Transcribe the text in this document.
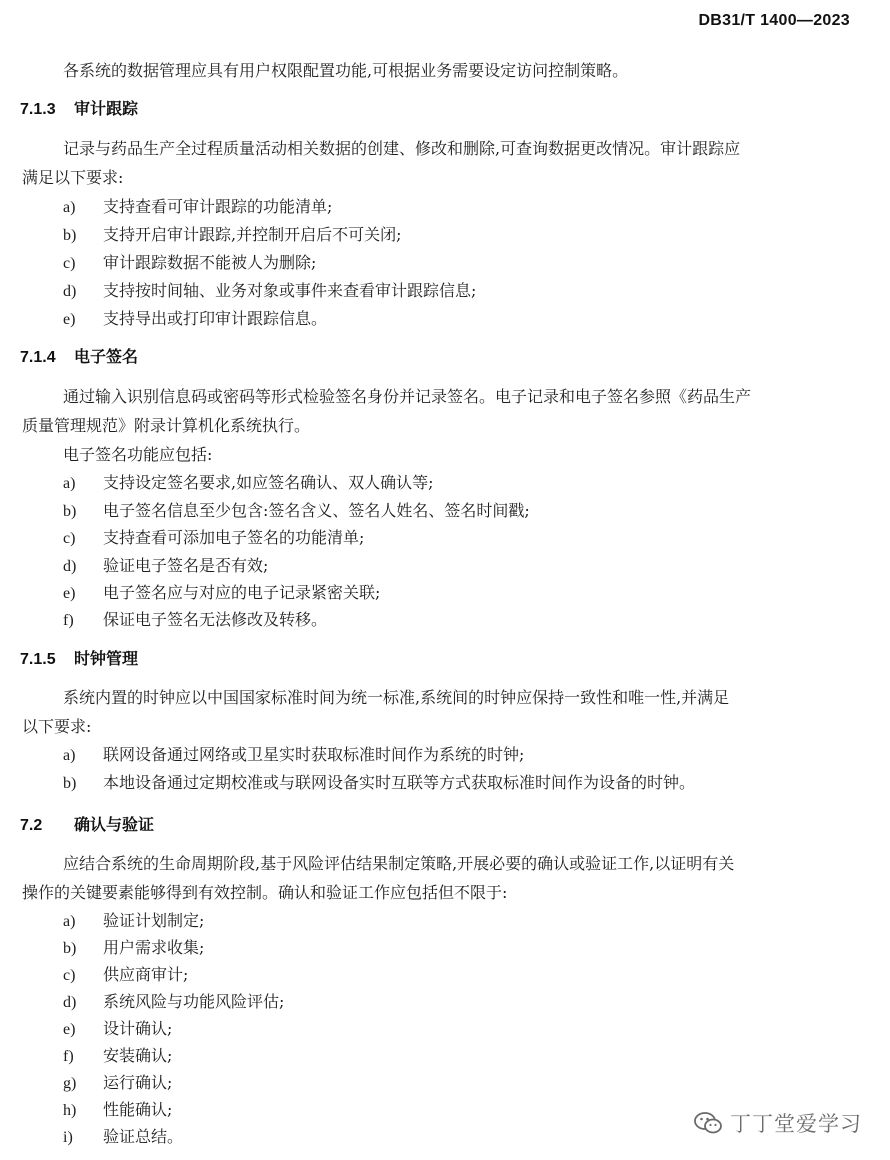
DB31/T 1400—2023
各系统的数据管理应具有用户权限配置功能,可根据业务需要设定访问控制策略。
7.1.3 审计跟踪
记录与药品生产全过程质量活动相关数据的创建、修改和删除,可查询数据更改情况。审计跟踪应
满足以下要求:
a) 支持查看可审计跟踪的功能清单;
b) 支持开启审计跟踪,并控制开启后不可关闭;
c) 审计跟踪数据不能被人为删除;
d) 支持按时间轴、业务对象或事件来查看审计跟踪信息;
e) 支持导出或打印审计跟踪信息。
7.1.4 电子签名
通过输入识别信息码或密码等形式检验签名身份并记录签名。电子记录和电子签名参照《药品生产
质量管理规范》附录计算机化系统执行。
电子签名功能应包括:
a) 支持设定签名要求,如应签名确认、双人确认等;
b) 电子签名信息至少包含:签名含义、签名人姓名、签名时间戳;
c) 支持查看可添加电子签名的功能清单;
d) 验证电子签名是否有效;
e) 电子签名应与对应的电子记录紧密关联;
f) 保证电子签名无法修改及转移。
7.1.5 时钟管理
系统内置的时钟应以中国国家标准时间为统一标准,系统间的时钟应保持一致性和唯一性,并满足
以下要求:
a) 联网设备通过网络或卫星实时获取标准时间作为系统的时钟;
b) 本地设备通过定期校准或与联网设备实时互联等方式获取标准时间作为设备的时钟。
7.2 确认与验证
应结合系统的生命周期阶段,基于风险评估结果制定策略,开展必要的确认或验证工作,以证明有关
操作的关键要素能够得到有效控制。确认和验证工作应包括但不限于:
a) 验证计划制定;
b) 用户需求收集;
c) 供应商审计;
d) 系统风险与功能风险评估;
e) 设计确认;
f) 安装确认;
g) 运行确认;
h) 性能确认;
i) 验证总结。
丁丁堂爱学习
